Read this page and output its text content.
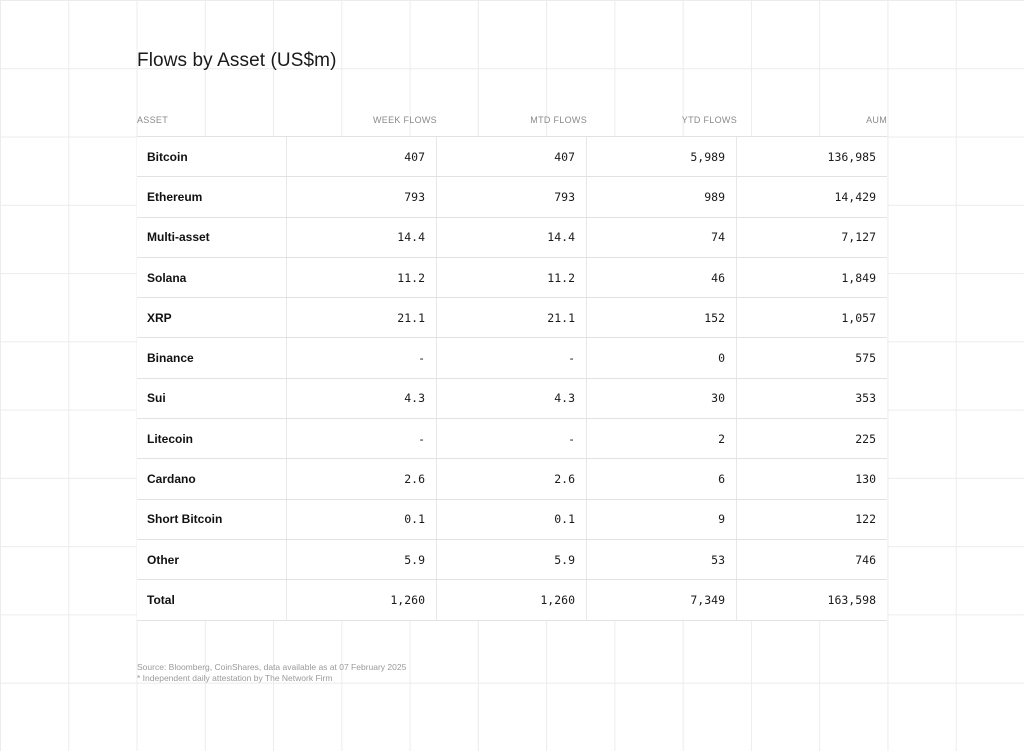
Flows by Asset (US$m)
ASSET	WEEK FLOWS	MTD FLOWS	YTD FLOWS	AUM
Bitcoin	407	407	5,989	136,985
Ethereum	793	793	989	14,429
Multi-asset	14.4	14.4	74	7,127
Solana	11.2	11.2	46	1,849
XRP	21.1	21.1	152	1,057
Binance	-	-	0	575
Sui	4.3	4.3	30	353
Litecoin	-	-	2	225
Cardano	2.6	2.6	6	130
Short Bitcoin	0.1	0.1	9	122
Other	5.9	5.9	53	746
Total	1,260	1,260	7,349	163,598
Source: Bloomberg, CoinShares, data available as at 07 February 2025
* Independent daily attestation by The Network Firm
